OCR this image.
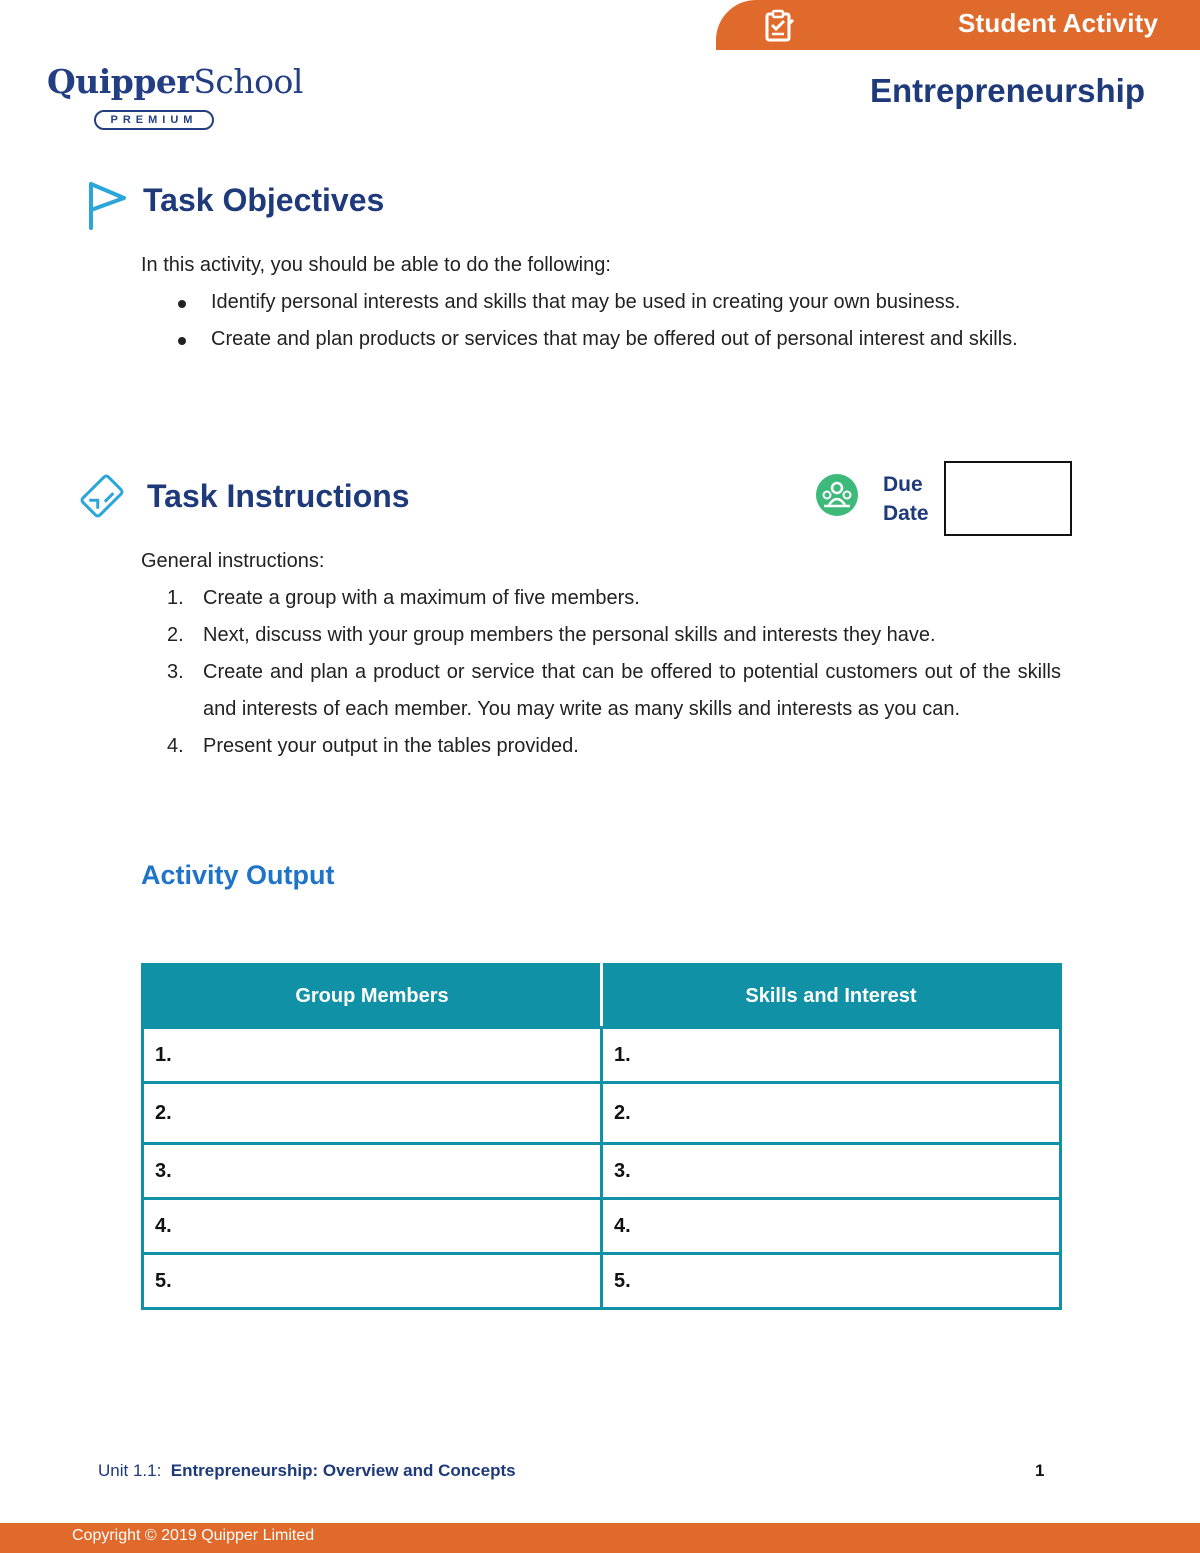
Student Activity
QuipperSchool
PREMIUM
Entrepreneurship
Task Objectives
In this activity, you should be able to do the following:
Identify personal interests and skills that may be used in creating your own business.
Create and plan products or services that may be offered out of personal interest and skills.
Task Instructions	Due
Date
General instructions:
1. Create a group with a maximum of five members.
2. Next, discuss with your group members the personal skills and interests they have.
3. Create and plan a product or service that can be offered to potential customers out of the skills and interests of each member. You may write as many skills and interests as you can.
4. Present your output in the tables provided.
Activity Output
Group Members	Skills and Interest
1.	1.
2.	2.
3.	3.
4.	4.
5.	5.
Unit 1.1: Entrepreneurship: Overview and Concepts	1
Copyright © 2019 Quipper Limited
